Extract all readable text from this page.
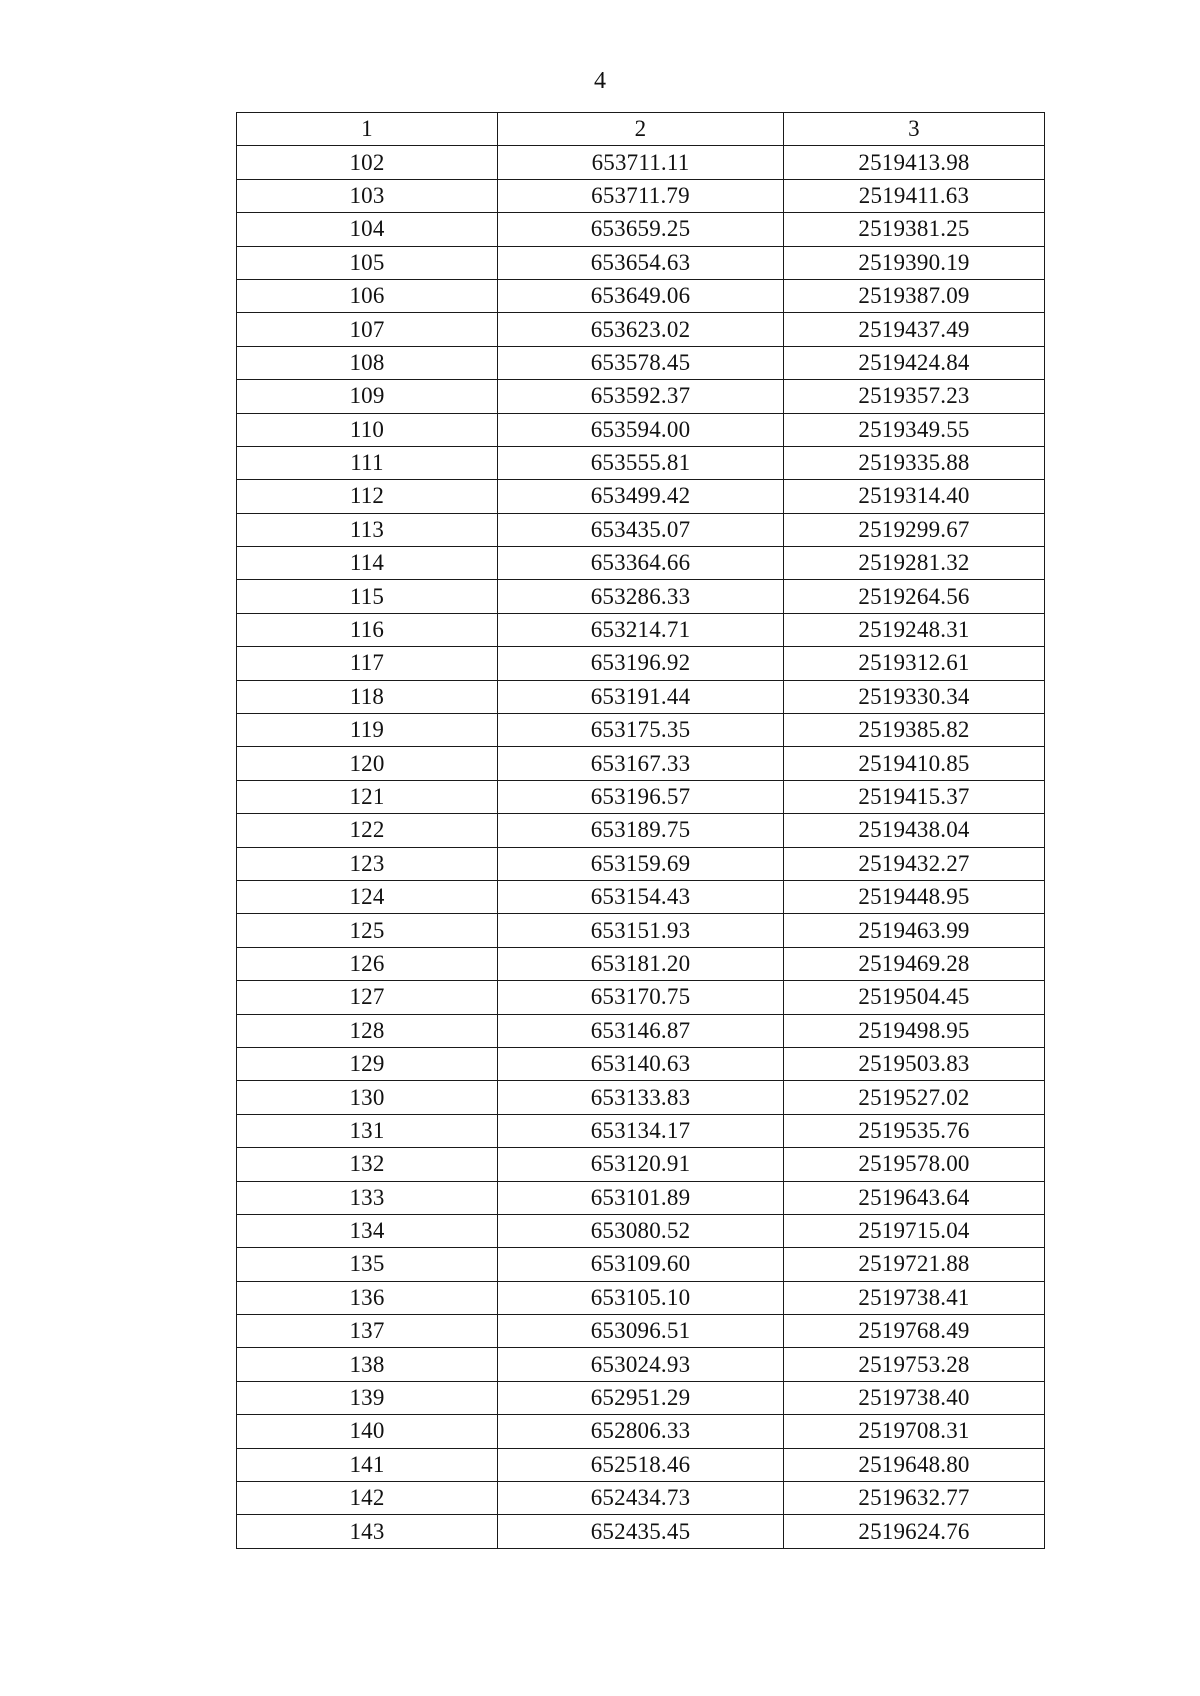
4
1	2	3
102	653711.11	2519413.98
103	653711.79	2519411.63
104	653659.25	2519381.25
105	653654.63	2519390.19
106	653649.06	2519387.09
107	653623.02	2519437.49
108	653578.45	2519424.84
109	653592.37	2519357.23
110	653594.00	2519349.55
111	653555.81	2519335.88
112	653499.42	2519314.40
113	653435.07	2519299.67
114	653364.66	2519281.32
115	653286.33	2519264.56
116	653214.71	2519248.31
117	653196.92	2519312.61
118	653191.44	2519330.34
119	653175.35	2519385.82
120	653167.33	2519410.85
121	653196.57	2519415.37
122	653189.75	2519438.04
123	653159.69	2519432.27
124	653154.43	2519448.95
125	653151.93	2519463.99
126	653181.20	2519469.28
127	653170.75	2519504.45
128	653146.87	2519498.95
129	653140.63	2519503.83
130	653133.83	2519527.02
131	653134.17	2519535.76
132	653120.91	2519578.00
133	653101.89	2519643.64
134	653080.52	2519715.04
135	653109.60	2519721.88
136	653105.10	2519738.41
137	653096.51	2519768.49
138	653024.93	2519753.28
139	652951.29	2519738.40
140	652806.33	2519708.31
141	652518.46	2519648.80
142	652434.73	2519632.77
143	652435.45	2519624.76
